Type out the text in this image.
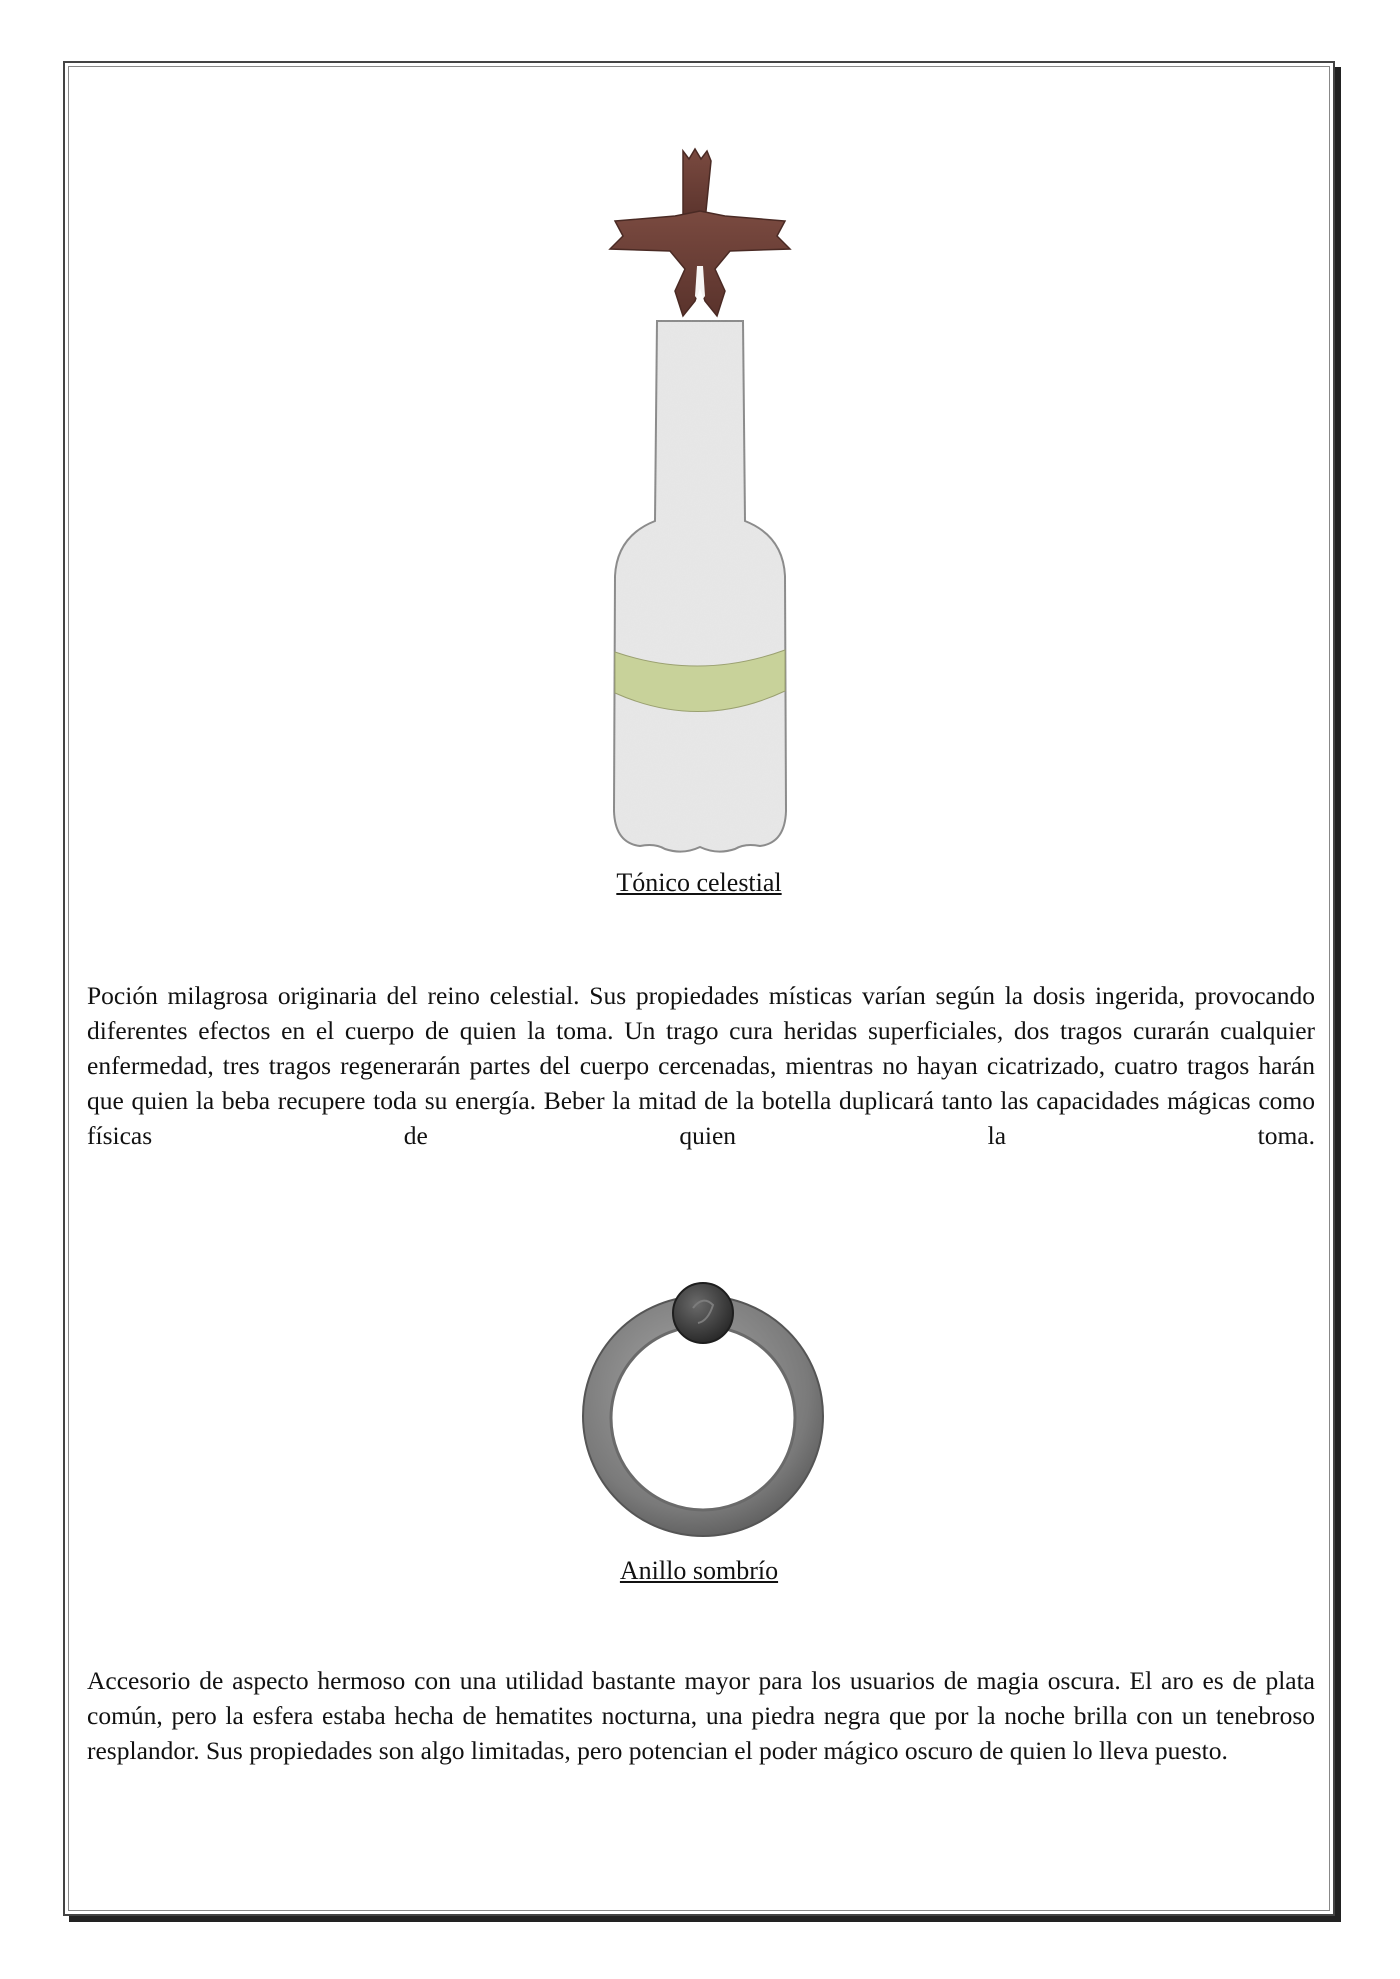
Tónico celestial

Poción milagrosa originaria del reino celestial. Sus propiedades místicas varían según la dosis ingerida, provocando diferentes efectos en el cuerpo de quien la toma. Un trago cura heridas superficiales, dos tragos curarán cualquier enfermedad, tres tragos regenerarán partes del cuerpo cercenadas, mientras no hayan cicatrizado, cuatro tragos harán que quien la beba recupere toda su energía. Beber la mitad de la botella duplicará tanto las capacidades mágicas como físicas de quien la toma.

Anillo sombrío

Accesorio de aspecto hermoso con una utilidad bastante mayor para los usuarios de magia oscura. El aro es de plata común, pero la esfera estaba hecha de hematites nocturna, una piedra negra que por la noche brilla con un tenebroso resplandor. Sus propiedades son algo limitadas, pero potencian el poder mágico oscuro de quien lo lleva puesto.
